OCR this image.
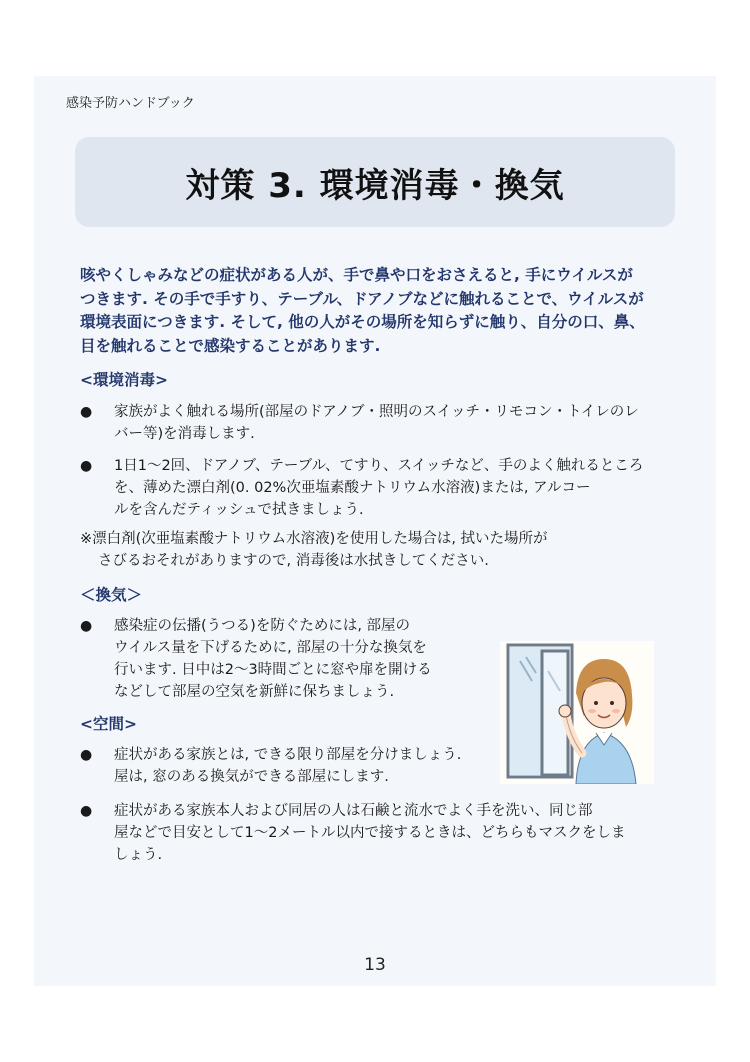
感染予防ハンドブック
対策 3. 環境消毒・換気
咳やくしゃみなどの症状がある人が、手で鼻や口をおさえると, 手にウイルスが
つきます. その手で手すり、テーブル、ドアノブなどに触れることで、ウイルスが
環境表面につきます. そして, 他の人がその場所を知らずに触り、自分の口、鼻、
目を触れることで感染することがあります.
<環境消毒>
● 家族がよく触れる場所(部屋のドアノブ・照明のスイッチ・リモコン・トイレのレ
バー等)を消毒します.
● 1日1～2回、ドアノブ、テーブル、てすり、スイッチなど、手のよく触れるところ
を、薄めた漂白剤(0. 02%次亜塩素酸ナトリウム水溶液)または, アルコー
ルを含んだティッシュで拭きましょう.
※漂白剤(次亜塩素酸ナトリウム水溶液)を使用した場合は, 拭いた場所が
さびるおそれがありますので, 消毒後は水拭きしてください.
＜換気＞
● 感染症の伝播(うつる)を防ぐためには, 部屋の
ウイルス量を下げるために, 部屋の十分な換気を
行います. 日中は2～3時間ごとに窓や扉を開ける
などして部屋の空気を新鮮に保ちましょう.
<空間>
● 症状がある家族とは, できる限り部屋を分けましょう.
屋は, 窓のある換気ができる部屋にします.
● 症状がある家族本人および同居の人は石鹸と流水でよく手を洗い、同じ部
屋などで目安として1～2メートル以内で接するときは、どちらもマスクをしま
しょう.
13
